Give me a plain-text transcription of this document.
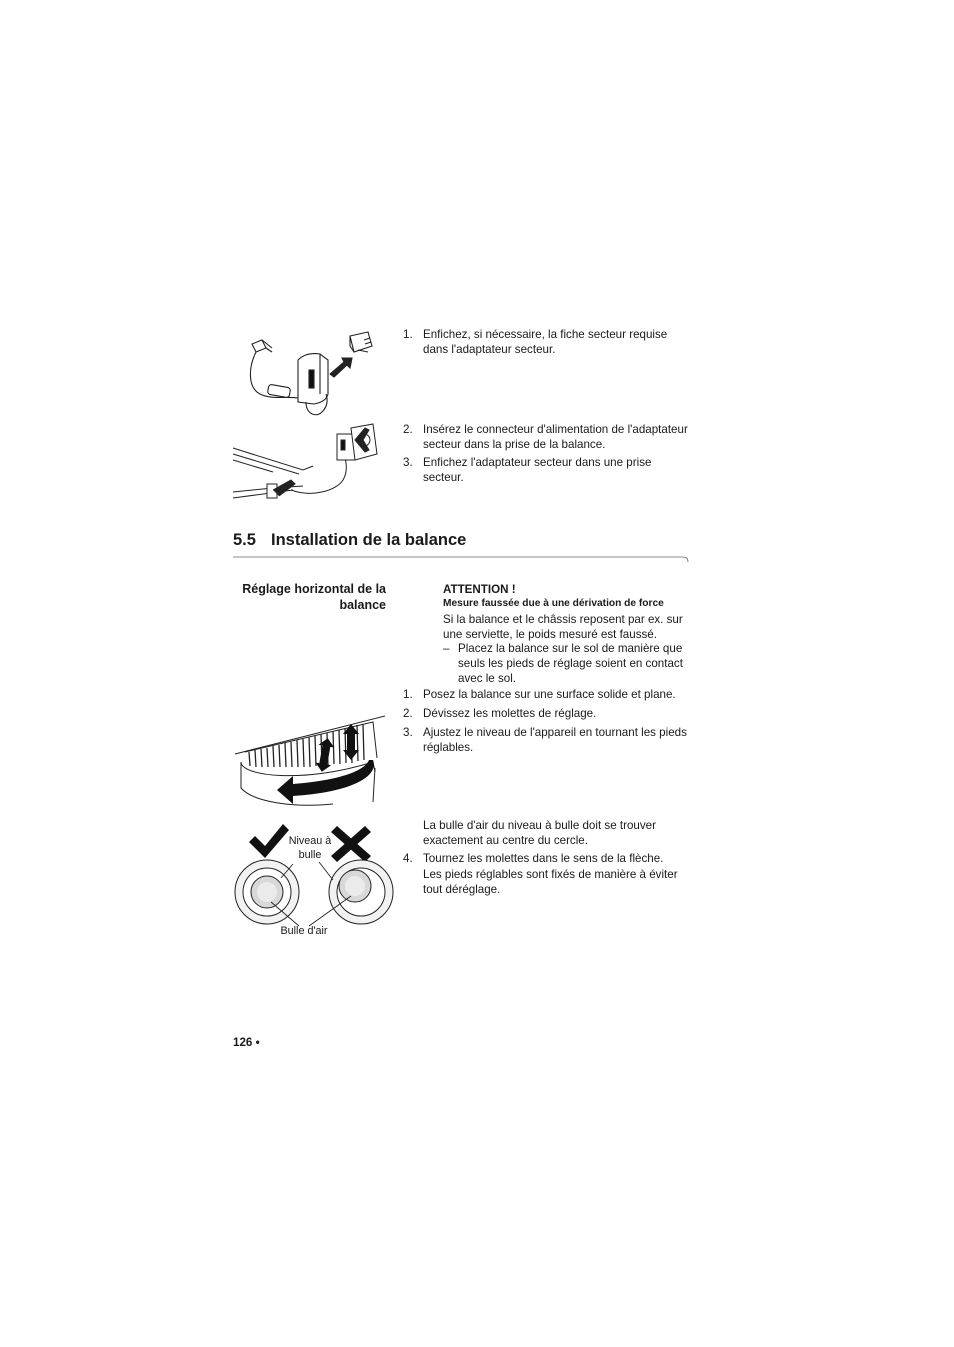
1. Enfichez, si nécessaire, la fiche secteur requise dans l'adaptateur secteur.
2. Insérez le connecteur d'alimentation de l'adaptateur secteur dans la prise de la balance.
3. Enfichez l'adaptateur secteur dans une prise secteur.
5.5 Installation de la balance
Réglage horizontal de la balance
ATTENTION !
Mesure faussée due à une dérivation de force
Si la balance et le châssis reposent par ex. sur une serviette, le poids mesuré est faussé.
– Placez la balance sur le sol de manière que seuls les pieds de réglage soient en contact avec le sol.
1. Posez la balance sur une surface solide et plane.
2. Dévissez les molettes de réglage.
3. Ajustez le niveau de l'appareil en tournant les pieds réglables.
Niveau à bulle
Bulle d'air
La bulle d'air du niveau à bulle doit se trouver exactement au centre du cercle.
4. Tournez les molettes dans le sens de la flèche.
Les pieds réglables sont fixés de manière à éviter tout déréglage.
126 •
